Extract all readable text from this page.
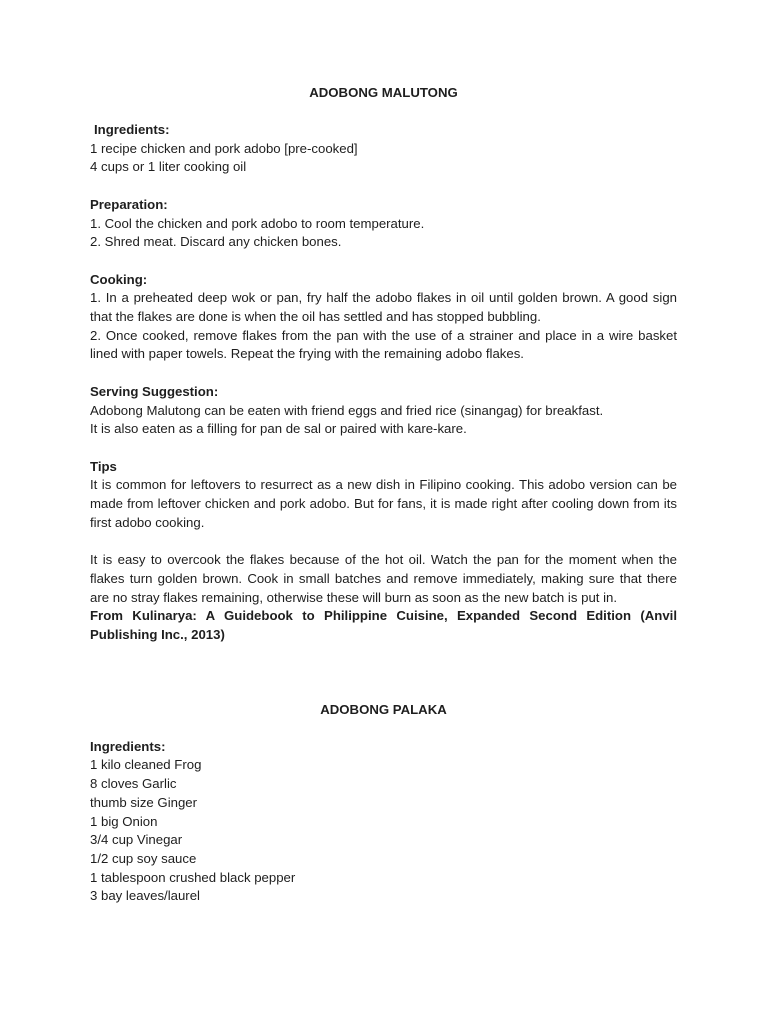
ADOBONG MALUTONG

Ingredients:

1 recipe chicken and pork adobo [pre-cooked]

4 cups or 1 liter cooking oil

Preparation:

1. Cool the chicken and pork adobo to room temperature.

2. Shred meat. Discard any chicken bones.

Cooking:

1. In a preheated deep wok or pan, fry half the adobo flakes in oil until golden brown. A good sign that the flakes are done is when the oil has settled and has stopped bubbling.

2. Once cooked, remove flakes from the pan with the use of a strainer and place in a wire basket lined with paper towels. Repeat the frying with the remaining adobo flakes.

Serving Suggestion:

Adobong Malutong can be eaten with friend eggs and fried rice (sinangag) for breakfast.

It is also eaten as a filling for pan de sal or paired with kare-kare.

Tips

It is common for leftovers to resurrect as a new dish in Filipino cooking. This adobo version can be made from leftover chicken and pork adobo. But for fans, it is made right after cooling down from its first adobo cooking.

It is easy to overcook the flakes because of the hot oil. Watch the pan for the moment when the flakes turn golden brown. Cook in small batches and remove immediately, making sure that there are no stray flakes remaining, otherwise these will burn as soon as the new batch is put in.

From Kulinarya: A Guidebook to Philippine Cuisine, Expanded Second Edition (Anvil Publishing Inc., 2013)

ADOBONG PALAKA

Ingredients:

1 kilo cleaned Frog

8 cloves Garlic

thumb size Ginger

1 big Onion

3/4 cup Vinegar

1/2 cup soy sauce

1 tablespoon crushed black pepper

3 bay leaves/laurel
